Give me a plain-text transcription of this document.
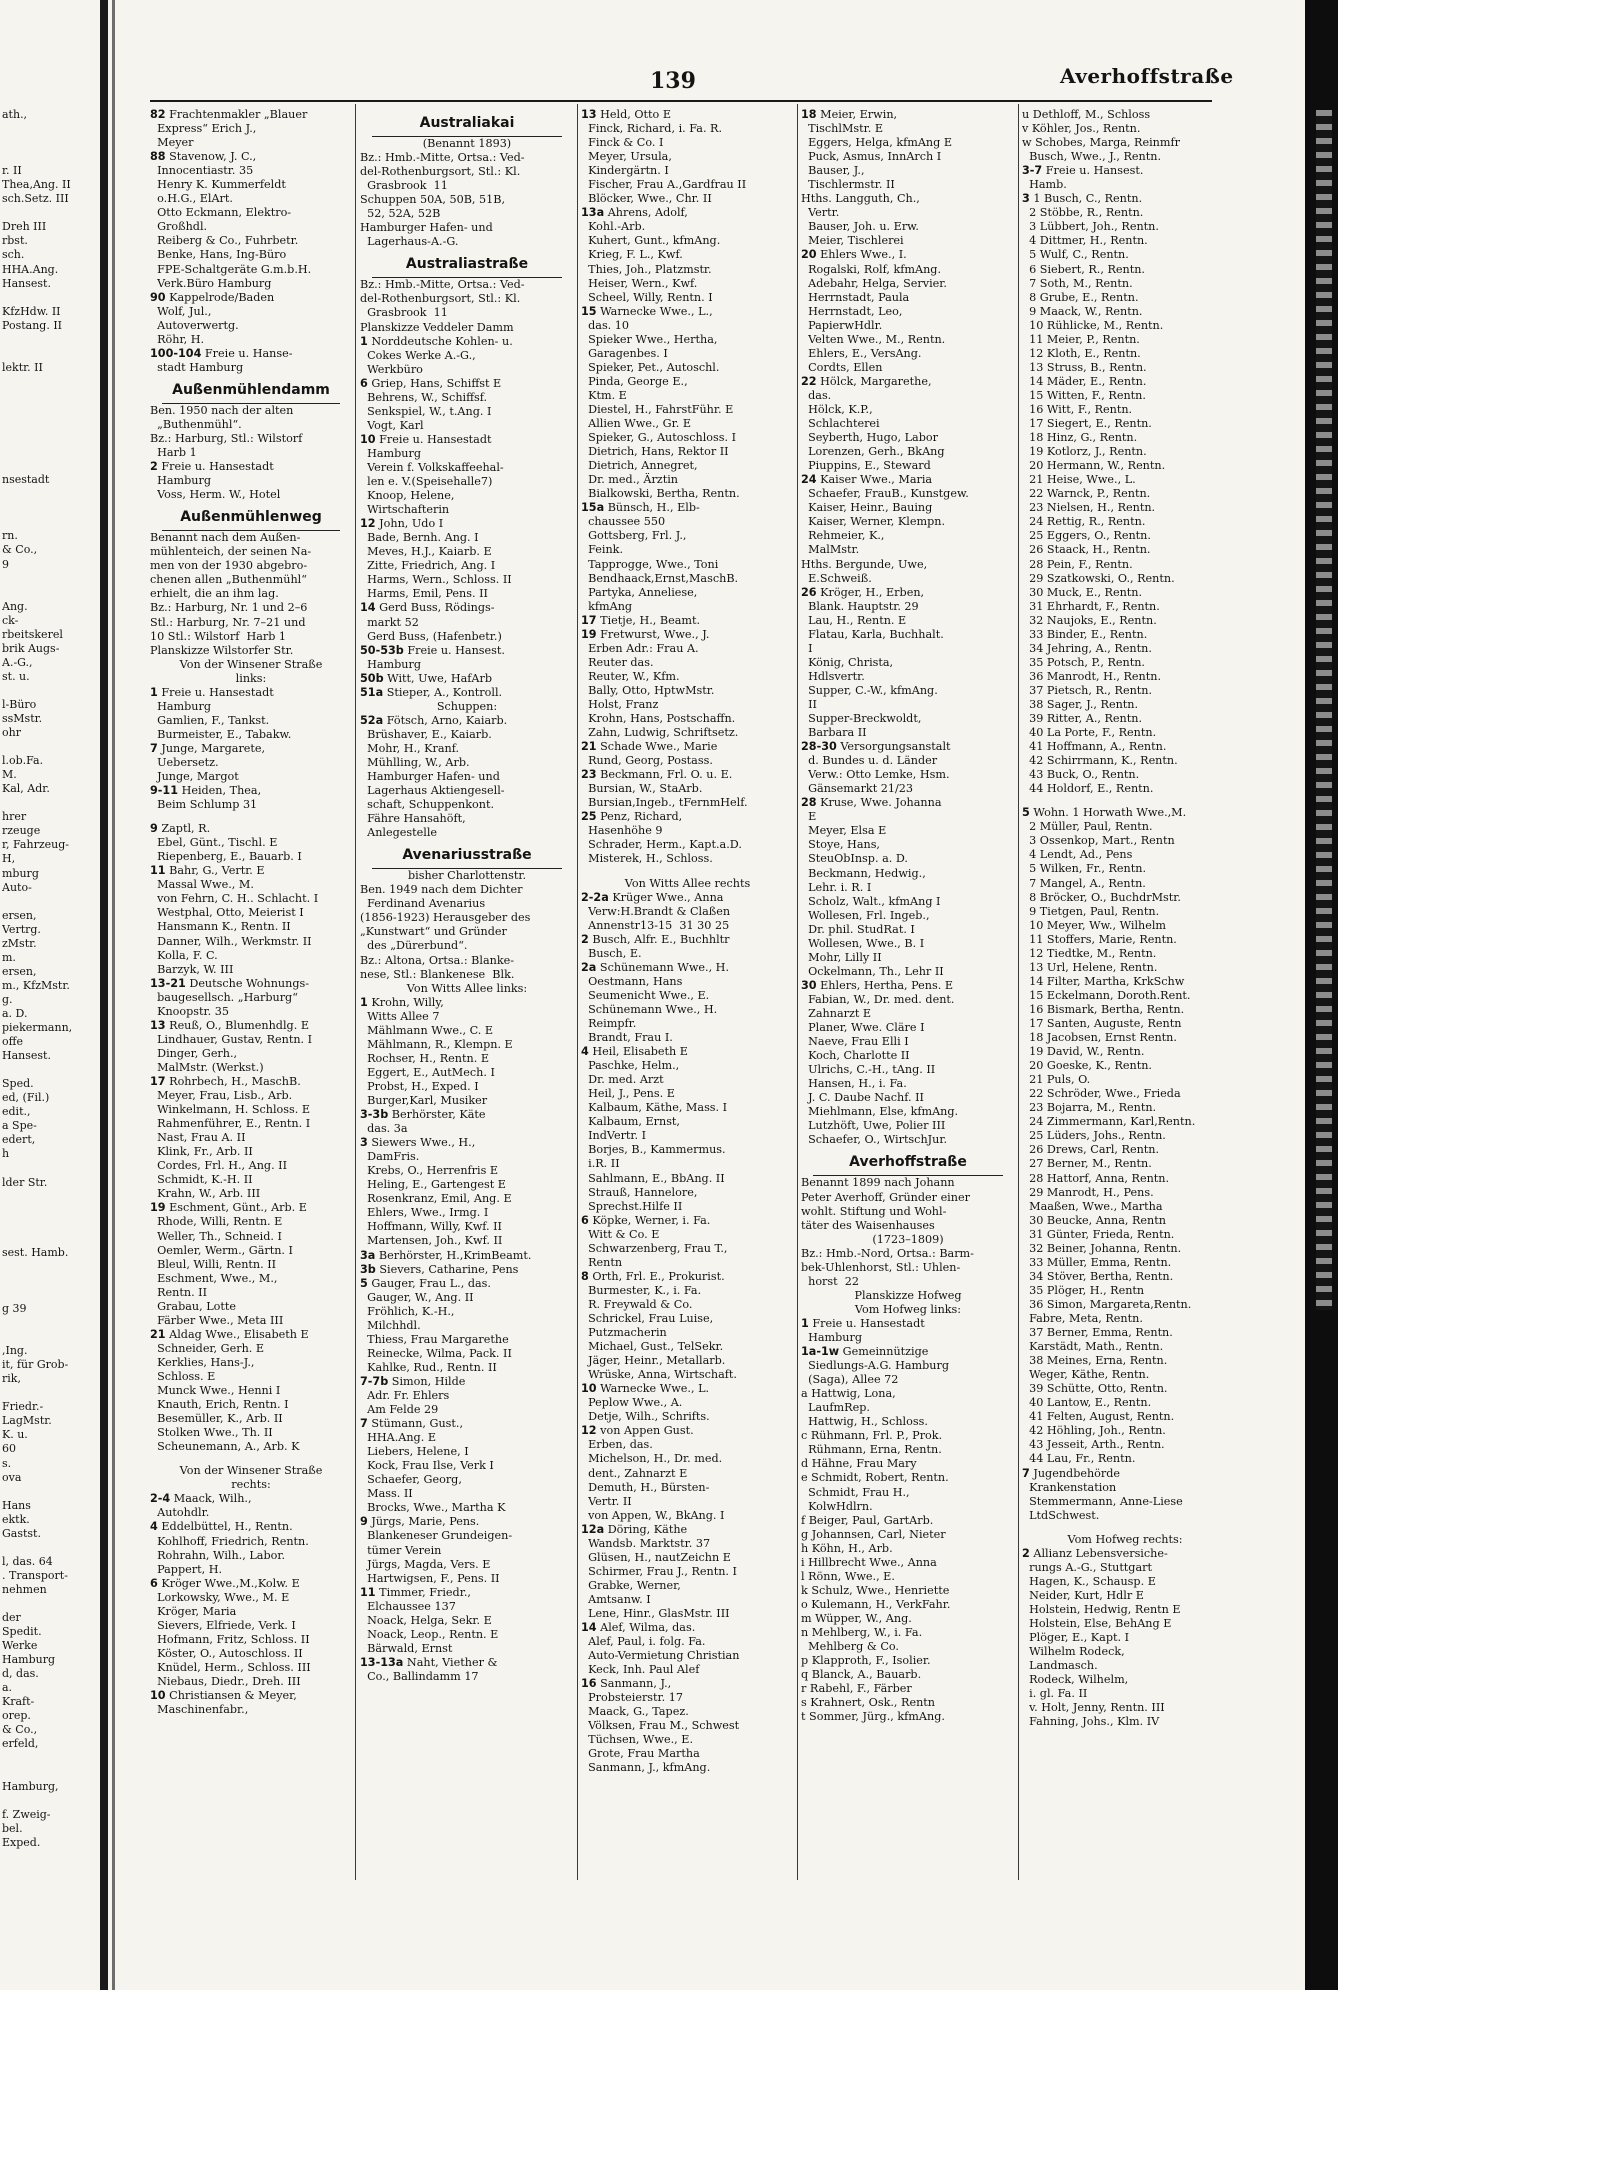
ath.,

r. II
Thea,Ang. II
sch.Setz. III

Dreh III
rbst.
sch.
HHA.Ang.
Hansest.

KfzHdw. II
Postang. II

lektr. II

nsestadt

rn.
& Co.,
9

Ang.
ck-
rbeitskerel
brik Augs-
A.-G.,
st. u.

l-Büro
ssMstr.
ohr

l.ob.Fa.
M.
Kal, Adr.

hrer
rzeuge
r, Fahrzeug-
H,
mburg
Auto-

ersen,
Vertrg.
zMstr.
m.
ersen,
m., KfzMstr.
g.
a. D.
piekermann,
offe
Hansest.

Sped.
ed, (Fil.)
edit.,
a Spe-
edert,
h

lder Str.

sest. Hamb.

g 39

,Ing.
it, für Grob-
rik,

Friedr.-
LagMstr.
K. u.
60
s.
ova

Hans
ektk.
Gastst.

l, das. 64
. Transport-
nehmen

der
Spedit.
Werke
Hamburg
d, das.
a.
Kraft-
orep.
& Co.,
erfeld,

Hamburg,

f. Zweig-
bel.
Exped.
139	Averhoffstraße
82 Frachtenmakler „Blauer
Express“ Erich J.,
Meyer
88 Stavenow, J. C.,
Innocentiastr. 35
Henry K. Kummerfeldt
o.H.G., ElArt.
Otto Eckmann, Elektro-
Großhdl.
Reiberg & Co., Fuhrbetr.
Benke, Hans, Ing-Büro
FPE-Schaltgeräte G.m.b.H.
Verk.Büro Hamburg
90 Kappelrode/Baden
Wolf, Jul.,
Autoverwertg.
Röhr, H.
100-104 Freie u. Hanse-
stadt Hamburg
Außenmühlendamm
Ben. 1950 nach der alten
„Buthenmühl“.
Bz.: Harburg, Stl.: Wilstorf
Harb 1
2 Freie u. Hansestadt
Hamburg
Voss, Herm. W., Hotel
Außenmühlenweg
Benannt nach dem Außen-
mühlenteich, der seinen Na-
men von der 1930 abgebro-
chenen allen „Buthenmühl“
erhielt, die an ihm lag.
Bz.: Harburg, Nr. 1 und 2–6
Stl.: Harburg, Nr. 7–21 und
10 Stl.: Wilstorf  Harb 1
Planskizze Wilstorfer Str.
Von der Winsener Straße
links:
1 Freie u. Hansestadt
Hamburg
Gamlien, F., Tankst.
Burmeister, E., Tabakw.
7 Junge, Margarete,
Uebersetz.
Junge, Margot
9-11 Heiden, Thea,
Beim Schlump 31
9 Zaptl, R.
Ebel, Günt., Tischl. E
Riepenberg, E., Bauarb. I
11 Bahr, G., Vertr. E
Massal Wwe., M.
von Fehrn, C. H.. Schlacht. I
Westphal, Otto, Meierist I
Hansmann K., Rentn. II
Danner, Wilh., Werkmstr. II
Kolla, F. C.
Barzyk, W. III
13-21 Deutsche Wohnungs-
baugesellsch. „Harburg“
Knoopstr. 35
13 Reuß, O., Blumenhdlg. E
Lindhauer, Gustav, Rentn. I
Dinger, Gerh.,
MalMstr. (Werkst.)
17 Rohrbech, H., MaschB.
Meyer, Frau, Lisb., Arb.
Winkelmann, H. Schloss. E
Rahmenführer, E., Rentn. I
Nast, Frau A. II
Klink, Fr., Arb. II
Cordes, Frl. H., Ang. II
Schmidt, K.-H. II
Krahn, W., Arb. III
19 Eschment, Günt., Arb. E
Rhode, Willi, Rentn. E
Weller, Th., Schneid. I
Oemler, Werm., Gärtn. I
Bleul, Willi, Rentn. II
Eschment, Wwe., M.,
Rentn. II
Grabau, Lotte
Färber Wwe., Meta III
21 Aldag Wwe., Elisabeth E
Schneider, Gerh. E
Kerklies, Hans-J.,
Schloss. E
Munck Wwe., Henni I
Knauth, Erich, Rentn. I
Besemüller, K., Arb. II
Stolken Wwe., Th. II
Scheunemann, A., Arb. K
Von der Winsener Straße
rechts:
2-4 Maack, Wilh.,
Autohdlr.
4 Eddelbüttel, H., Rentn.
Kohlhoff, Friedrich, Rentn.
Rohrahn, Wilh., Labor.
Pappert, H.
6 Kröger Wwe.,M.,Kolw. E
Lorkowsky, Wwe., M. E
Kröger, Maria
Sievers, Elfriede, Verk. I
Hofmann, Fritz, Schloss. II
Köster, O., Autoschloss. II
Knüdel, Herm., Schloss. III
Niebaus, Diedr., Dreh. III
10 Christiansen & Meyer,
Maschinenfabr.,
Australiakai
(Benannt 1893)
Bz.: Hmb.-Mitte, Ortsa.: Ved-
del-Rothenburgsort, Stl.: Kl.
Grasbrook  11
Schuppen 50A, 50B, 51B,
52, 52A, 52B
Hamburger Hafen- und
Lagerhaus-A.-G.
Australiastraße
Bz.: Hmb.-Mitte, Ortsa.: Ved-
del-Rothenburgsort, Stl.: Kl.
Grasbrook  11
Planskizze Veddeler Damm
1 Norddeutsche Kohlen- u.
Cokes Werke A.-G.,
Werkbüro
6 Griep, Hans, Schiffst E
Behrens, W., Schiffsf.
Senkspiel, W., t.Ang. I
Vogt, Karl
10 Freie u. Hansestadt
Hamburg
Verein f. Volkskaffeehal-
len e. V.(Speisehalle7)
Knoop, Helene,
Wirtschafterin
12 John, Udo I
Bade, Bernh. Ang. I
Meves, H.J., Kaiarb. E
Zitte, Friedrich, Ang. I
Harms, Wern., Schloss. II
Harms, Emil, Pens. II
14 Gerd Buss, Rödings-
markt 52
Gerd Buss, (Hafenbetr.)
50-53b Freie u. Hansest.
Hamburg
50b Witt, Uwe, HafArb
51a Stieper, A., Kontroll.
Schuppen:
52a Fötsch, Arno, Kaiarb.
Brüshaver, E., Kaiarb.
Mohr, H., Kranf.
Mühlling, W., Arb.
Hamburger Hafen- und
Lagerhaus Aktiengesell-
schaft, Schuppenkont.
Fähre Hansahöft,
Anlegestelle
Avenariusstraße
bisher Charlottenstr.
Ben. 1949 nach dem Dichter
Ferdinand Avenarius
(1856-1923) Herausgeber des
„Kunstwart“ und Gründer
des „Dürerbund“.
Bz.: Altona, Ortsa.: Blanke-
nese, Stl.: Blankenese  Blk.
Von Witts Allee links:
1 Krohn, Willy,
Witts Allee 7
Mählmann Wwe., C. E
Mählmann, R., Klempn. E
Rochser, H., Rentn. E
Eggert, E., AutMech. I
Probst, H., Exped. I
Burger,Karl, Musiker
3-3b Berhörster, Käte
das. 3a
3 Siewers Wwe., H.,
DamFris.
Krebs, O., Herrenfris E
Heling, E., Gartengest E
Rosenkranz, Emil, Ang. E
Ehlers, Wwe., Irmg. I
Hoffmann, Willy, Kwf. II
Martensen, Joh., Kwf. II
3a Berhörster, H.,KrimBeamt.
3b Sievers, Catharine, Pens
5 Gauger, Frau L., das.
Gauger, W., Ang. II
Fröhlich, K.-H.,
Milchhdl.
Thiess, Frau Margarethe
Reinecke, Wilma, Pack. II
Kahlke, Rud., Rentn. II
7-7b Simon, Hilde
Adr. Fr. Ehlers
Am Felde 29
7 Stümann, Gust.,
HHA.Ang. E
Liebers, Helene, I
Kock, Frau Ilse, Verk I
Schaefer, Georg,
Mass. II
Brocks, Wwe., Martha K
9 Jürgs, Marie, Pens.
Blankeneser Grundeigen-
tümer Verein
Jürgs, Magda, Vers. E
Hartwigsen, F., Pens. II
11 Timmer, Friedr.,
Elchaussee 137
Noack, Helga, Sekr. E
Noack, Leop., Rentn. E
Bärwald, Ernst
13-13a Naht, Viether &
Co., Ballindamm 17
13 Held, Otto E
Finck, Richard, i. Fa. R.
Finck & Co. I
Meyer, Ursula,
Kindergärtn. I
Fischer, Frau A.,Gardfrau II
Blöcker, Wwe., Chr. II
13a Ahrens, Adolf,
Kohl.-Arb.
Kuhert, Gunt., kfmAng.
Krieg, F. L., Kwf.
Thies, Joh., Platzmstr.
Heiser, Wern., Kwf.
Scheel, Willy, Rentn. I
15 Warnecke Wwe., L.,
das. 10
Spieker Wwe., Hertha,
Garagenbes. I
Spieker, Pet., Autoschl.
Pinda, George E.,
Ktm. E
Diestel, H., FahrstFühr. E
Allien Wwe., Gr. E
Spieker, G., Autoschloss. I
Dietrich, Hans, Rektor II
Dietrich, Annegret,
Dr. med., Ärztin
Bialkowski, Bertha, Rentn.
15a Bünsch, H., Elb-
chaussee 550
Gottsberg, Frl. J.,
Feink.
Tapprogge, Wwe., Toni
Bendhaack,Ernst,MaschB.
Partyka, Anneliese,
kfmAng
17 Tietje, H., Beamt.
19 Fretwurst, Wwe., J.
Erben Adr.: Frau A.
Reuter das.
Reuter, W., Kfm.
Bally, Otto, HptwMstr.
Holst, Franz
Krohn, Hans, Postschaffn.
Zahn, Ludwig, Schriftsetz.
21 Schade Wwe., Marie
Rund, Georg, Postass.
23 Beckmann, Frl. O. u. E.
Bursian, W., StaArb.
Bursian,Ingeb., tFernmHelf.
25 Penz, Richard,
Hasenhöhe 9
Schrader, Herm., Kapt.a.D.
Misterek, H., Schloss.
Von Witts Allee rechts
2-2a Krüger Wwe., Anna
Verw:H.Brandt & Claßen
Annenstr13-15  31 30 25
2 Busch, Alfr. E., Buchhltr
Busch, E.
2a Schünemann Wwe., H.
Oestmann, Hans
Seumenicht Wwe., E.
Schünemann Wwe., H.
Reimpfr.
Brandt, Frau I.
4 Heil, Elisabeth E
Paschke, Helm.,
Dr. med. Arzt
Heil, J., Pens. E
Kalbaum, Käthe, Mass. I
Kalbaum, Ernst,
IndVertr. I
Borjes, B., Kammermus.
i.R. II
Sahlmann, E., BbAng. II
Strauß, Hannelore,
Sprechst.Hilfe II
6 Köpke, Werner, i. Fa.
Witt & Co. E
Schwarzenberg, Frau T.,
Rentn
8 Orth, Frl. E., Prokurist.
Burmester, K., i. Fa.
R. Freywald & Co.
Schrickel, Frau Luise,
Putzmacherin
Michael, Gust., TelSekr.
Jäger, Heinr., Metallarb.
Wrüske, Anna, Wirtschaft.
10 Warnecke Wwe., L.
Peplow Wwe., A.
Detje, Wilh., Schrifts.
12 von Appen Gust.
Erben, das.
Michelson, H., Dr. med.
dent., Zahnarzt E
Demuth, H., Bürsten-
Vertr. II
von Appen, W., BkAng. I
12a Döring, Käthe
Wandsb. Marktstr. 37
Glüsen, H., nautZeichn E
Schirmer, Frau J., Rentn. I
Grabke, Werner,
Amtsanw. I
Lene, Hinr., GlasMstr. III
14 Alef, Wilma, das.
Alef, Paul, i. folg. Fa.
Auto-Vermietung Christian
Keck, Inh. Paul Alef
16 Sanmann, J.,
Probsteierstr. 17
Maack, G., Tapez.
Völksen, Frau M., Schwest
Tüchsen, Wwe., E.
Grote, Frau Martha
Sanmann, J., kfmAng.
18 Meier, Erwin,
TischlMstr. E
Eggers, Helga, kfmAng E
Puck, Asmus, InnArch I
Bauser, J.,
Tischlermstr. II
Hths. Langguth, Ch.,
Vertr.
Bauser, Joh. u. Erw.
Meier, Tischlerei
20 Ehlers Wwe., I.
Rogalski, Rolf, kfmAng.
Adebahr, Helga, Servier.
Herrnstadt, Paula
Herrnstadt, Leo,
PapierwHdlr.
Velten Wwe., M., Rentn.
Ehlers, E., VersAng.
Cordts, Ellen
22 Hölck, Margarethe,
das.
Hölck, K.P.,
Schlachterei
Seyberth, Hugo, Labor
Lorenzen, Gerh., BkAng
Piuppins, E., Steward
24 Kaiser Wwe., Maria
Schaefer, FrauB., Kunstgew.
Kaiser, Heinr., Bauing
Kaiser, Werner, Klempn.
Rehmeier, K.,
MalMstr.
Hths. Bergunde, Uwe,
E.Schweiß.
26 Kröger, H., Erben,
Blank. Hauptstr. 29
Lau, H., Rentn. E
Flatau, Karla, Buchhalt.
I
König, Christa,
Hdlsvertr.
Supper, C.-W., kfmAng.
II
Supper-Breckwoldt,
Barbara II
28-30 Versorgungsanstalt
d. Bundes u. d. Länder
Verw.: Otto Lemke, Hsm.
Gänsemarkt 21/23
28 Kruse, Wwe. Johanna
E
Meyer, Elsa E
Stoye, Hans,
SteuObInsp. a. D.
Beckmann, Hedwig.,
Lehr. i. R. I
Scholz, Walt., kfmAng I
Wollesen, Frl. Ingeb.,
Dr. phil. StudRat. I
Wollesen, Wwe., B. I
Mohr, Lilly II
Ockelmann, Th., Lehr II
30 Ehlers, Hertha, Pens. E
Fabian, W., Dr. med. dent.
Zahnarzt E
Planer, Wwe. Cläre I
Naeve, Frau Elli I
Koch, Charlotte II
Ulrichs, C.-H., tAng. II
Hansen, H., i. Fa.
J. C. Daube Nachf. II
Miehlmann, Else, kfmAng.
Lutzhöft, Uwe, Polier III
Schaefer, O., WirtschJur.
Averhoffstraße
Benannt 1899 nach Johann
Peter Averhoff, Gründer einer
wohlt. Stiftung und Wohl-
täter des Waisenhauses
(1723–1809)
Bz.: Hmb.-Nord, Ortsa.: Barm-
bek-Uhlenhorst, Stl.: Uhlen-
horst  22
Planskizze Hofweg
Vom Hofweg links:
1 Freie u. Hansestadt
Hamburg
1a-1w Gemeinnützige
Siedlungs-A.G. Hamburg
(Saga), Allee 72
a Hattwig, Lona,
LaufmRep.
Hattwig, H., Schloss.
c Rühmann, Frl. P., Prok.
Rühmann, Erna, Rentn.
d Hähne, Frau Mary
e Schmidt, Robert, Rentn.
Schmidt, Frau H.,
KolwHdlrn.
f Beiger, Paul, GartArb.
g Johannsen, Carl, Nieter
h Köhn, H., Arb.
i Hillbrecht Wwe., Anna
l Rönn, Wwe., E.
k Schulz, Wwe., Henriette
o Kulemann, H., VerkFahr.
m Wüpper, W., Ang.
n Mehlberg, W., i. Fa.
Mehlberg & Co.
p Klapproth, F., Isolier.
q Blanck, A., Bauarb.
r Rabehl, F., Färber
s Krahnert, Osk., Rentn
t Sommer, Jürg., kfmAng.
u Dethloff, M., Schloss
v Köhler, Jos., Rentn.
w Schobes, Marga, Reinmfr
Busch, Wwe., J., Rentn.
3-7 Freie u. Hansest.
Hamb.
3 1 Busch, C., Rentn.
2 Stöbbe, R., Rentn.
3 Lübbert, Joh., Rentn.
4 Dittmer, H., Rentn.
5 Wulf, C., Rentn.
6 Siebert, R., Rentn.
7 Soth, M., Rentn.
8 Grube, E., Rentn.
9 Maack, W., Rentn.
10 Rühlicke, M., Rentn.
11 Meier, P., Rentn.
12 Kloth, E., Rentn.
13 Struss, B., Rentn.
14 Mäder, E., Rentn.
15 Witten, F., Rentn.
16 Witt, F., Rentn.
17 Siegert, E., Rentn.
18 Hinz, G., Rentn.
19 Kotlorz, J., Rentn.
20 Hermann, W., Rentn.
21 Heise, Wwe., L.
22 Warnck, P., Rentn.
23 Nielsen, H., Rentn.
24 Rettig, R., Rentn.
25 Eggers, O., Rentn.
26 Staack, H., Rentn.
28 Pein, F., Rentn.
29 Szatkowski, O., Rentn.
30 Muck, E., Rentn.
31 Ehrhardt, F., Rentn.
32 Naujoks, E., Rentn.
33 Binder, E., Rentn.
34 Jehring, A., Rentn.
35 Potsch, P., Rentn.
36 Manrodt, H., Rentn.
37 Pietsch, R., Rentn.
38 Sager, J., Rentn.
39 Ritter, A., Rentn.
40 La Porte, F., Rentn.
41 Hoffmann, A., Rentn.
42 Schirrmann, K., Rentn.
43 Buck, O., Rentn.
44 Holdorf, E., Rentn.
5 Wohn. 1 Horwath Wwe.,M.
2 Müller, Paul, Rentn.
3 Ossenkop, Mart., Rentn
4 Lendt, Ad., Pens
5 Wilken, Fr., Rentn.
7 Mangel, A., Rentn.
8 Bröcker, O., BuchdrMstr.
9 Tietgen, Paul, Rentn.
10 Meyer, Ww., Wilhelm
11 Stoffers, Marie, Rentn.
12 Tiedtke, M., Rentn.
13 Url, Helene, Rentn.
14 Filter, Martha, KrkSchw
15 Eckelmann, Doroth.Rent.
16 Bismark, Bertha, Rentn.
17 Santen, Auguste, Rentn
18 Jacobsen, Ernst Rentn.
19 David, W., Rentn.
20 Goeske, K., Rentn.
21 Puls, O.
22 Schröder, Wwe., Frieda
23 Bojarra, M., Rentn.
24 Zimmermann, Karl,Rentn.
25 Lüders, Johs., Rentn.
26 Drews, Carl, Rentn.
27 Berner, M., Rentn.
28 Hattorf, Anna, Rentn.
29 Manrodt, H., Pens.
Maaßen, Wwe., Martha
30 Beucke, Anna, Rentn
31 Günter, Frieda, Rentn.
32 Beiner, Johanna, Rentn.
33 Müller, Emma, Rentn.
34 Stöver, Bertha, Rentn.
35 Plöger, H., Rentn
36 Simon, Margareta,Rentn.
Fabre, Meta, Rentn.
37 Berner, Emma, Rentn.
Karstädt, Math., Rentn.
38 Meines, Erna, Rentn.
Weger, Käthe, Rentn.
39 Schütte, Otto, Rentn.
40 Lantow, E., Rentn.
41 Felten, August, Rentn.
42 Höhling, Joh., Rentn.
43 Jesseit, Arth., Rentn.
44 Lau, Fr., Rentn.
7 Jugendbehörde
Krankenstation
Stemmermann, Anne-Liese
LtdSchwest.
Vom Hofweg rechts:
2 Allianz Lebensversiche-
rungs A.-G., Stuttgart
Hagen, K., Schausp. E
Neider, Kurt, Hdlr E
Holstein, Hedwig, Rentn E
Holstein, Else, BehAng E
Plöger, E., Kapt. I
Wilhelm Rodeck,
Landmasch.
Rodeck, Wilhelm,
i. gl. Fa. II
v. Holt, Jenny, Rentn. III
Fahning, Johs., Klm. IV
